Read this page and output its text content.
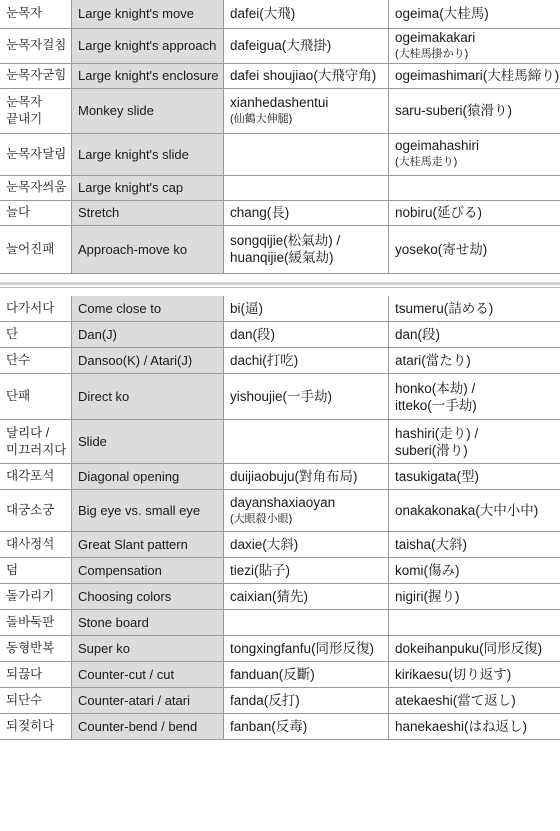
눈목자	Large knight's move	dafei(大飛)	ogeima(大桂馬)

눈목자걸침	Large knight's approach	dafeigua(大飛掛)	ogeimakakari
(大桂馬掛かり)

눈목자굳힘	Large knight's enclosure	dafei shoujiao(大飛守角)	ogeimashimari(大桂馬締り)

눈목자
끝내기	Monkey slide	xianhedashentui
(仙鶴大伸腿)	saru-suberi(猿滑り)

눈목자달림	Large knight's slide		ogeimahashiri
(大桂馬走り)

눈목자씌움	Large knight's cap		

늘다	Stretch	chang(長)	nobiru(延びる)

늘어진패	Approach-move ko	songqijie(松氣劫) /
huanqijie(緩氣劫)	yoseko(寄せ劫)
다가서다	Come close to	bi(逼)	tsumeru(詰める)

단	Dan(J)	dan(段)	dan(段)

단수	Dansoo(K) / Atari(J)	dachi(打吃)	atari(當たり)

단패	Direct ko	yishoujie(一手劫)	honko(本劫) /
itteko(一手劫)

달리다 /
미끄러지다	Slide		hashiri(走り) /
suberi(滑り)

대각포석	Diagonal opening	duijiaobuju(對角布局)	tasukigata(型)

대궁소궁	Big eye vs. small eye	dayanshaxiaoyan
(大眼殺小眼)	onakakonaka(大中小中)

대사정석	Great Slant pattern	daxie(大斜)	taisha(大斜)

덤	Compensation	tiezi(貼子)	komi(傷み)

돌가리기	Choosing colors	caixian(猜先)	nigiri(握り)

돌바둑판	Stone board		

동형반복	Super ko	tongxingfanfu(同形反復)	dokeihanpuku(同形反復)

되끊다	Counter-cut / cut	fanduan(反斷)	kirikaesu(切り返す)

되단수	Counter-atari / atari	fanda(反打)	atekaeshi(當て返し)

되젖히다	Counter-bend / bend	fanban(反毒)	hanekaeshi(はね返し)
